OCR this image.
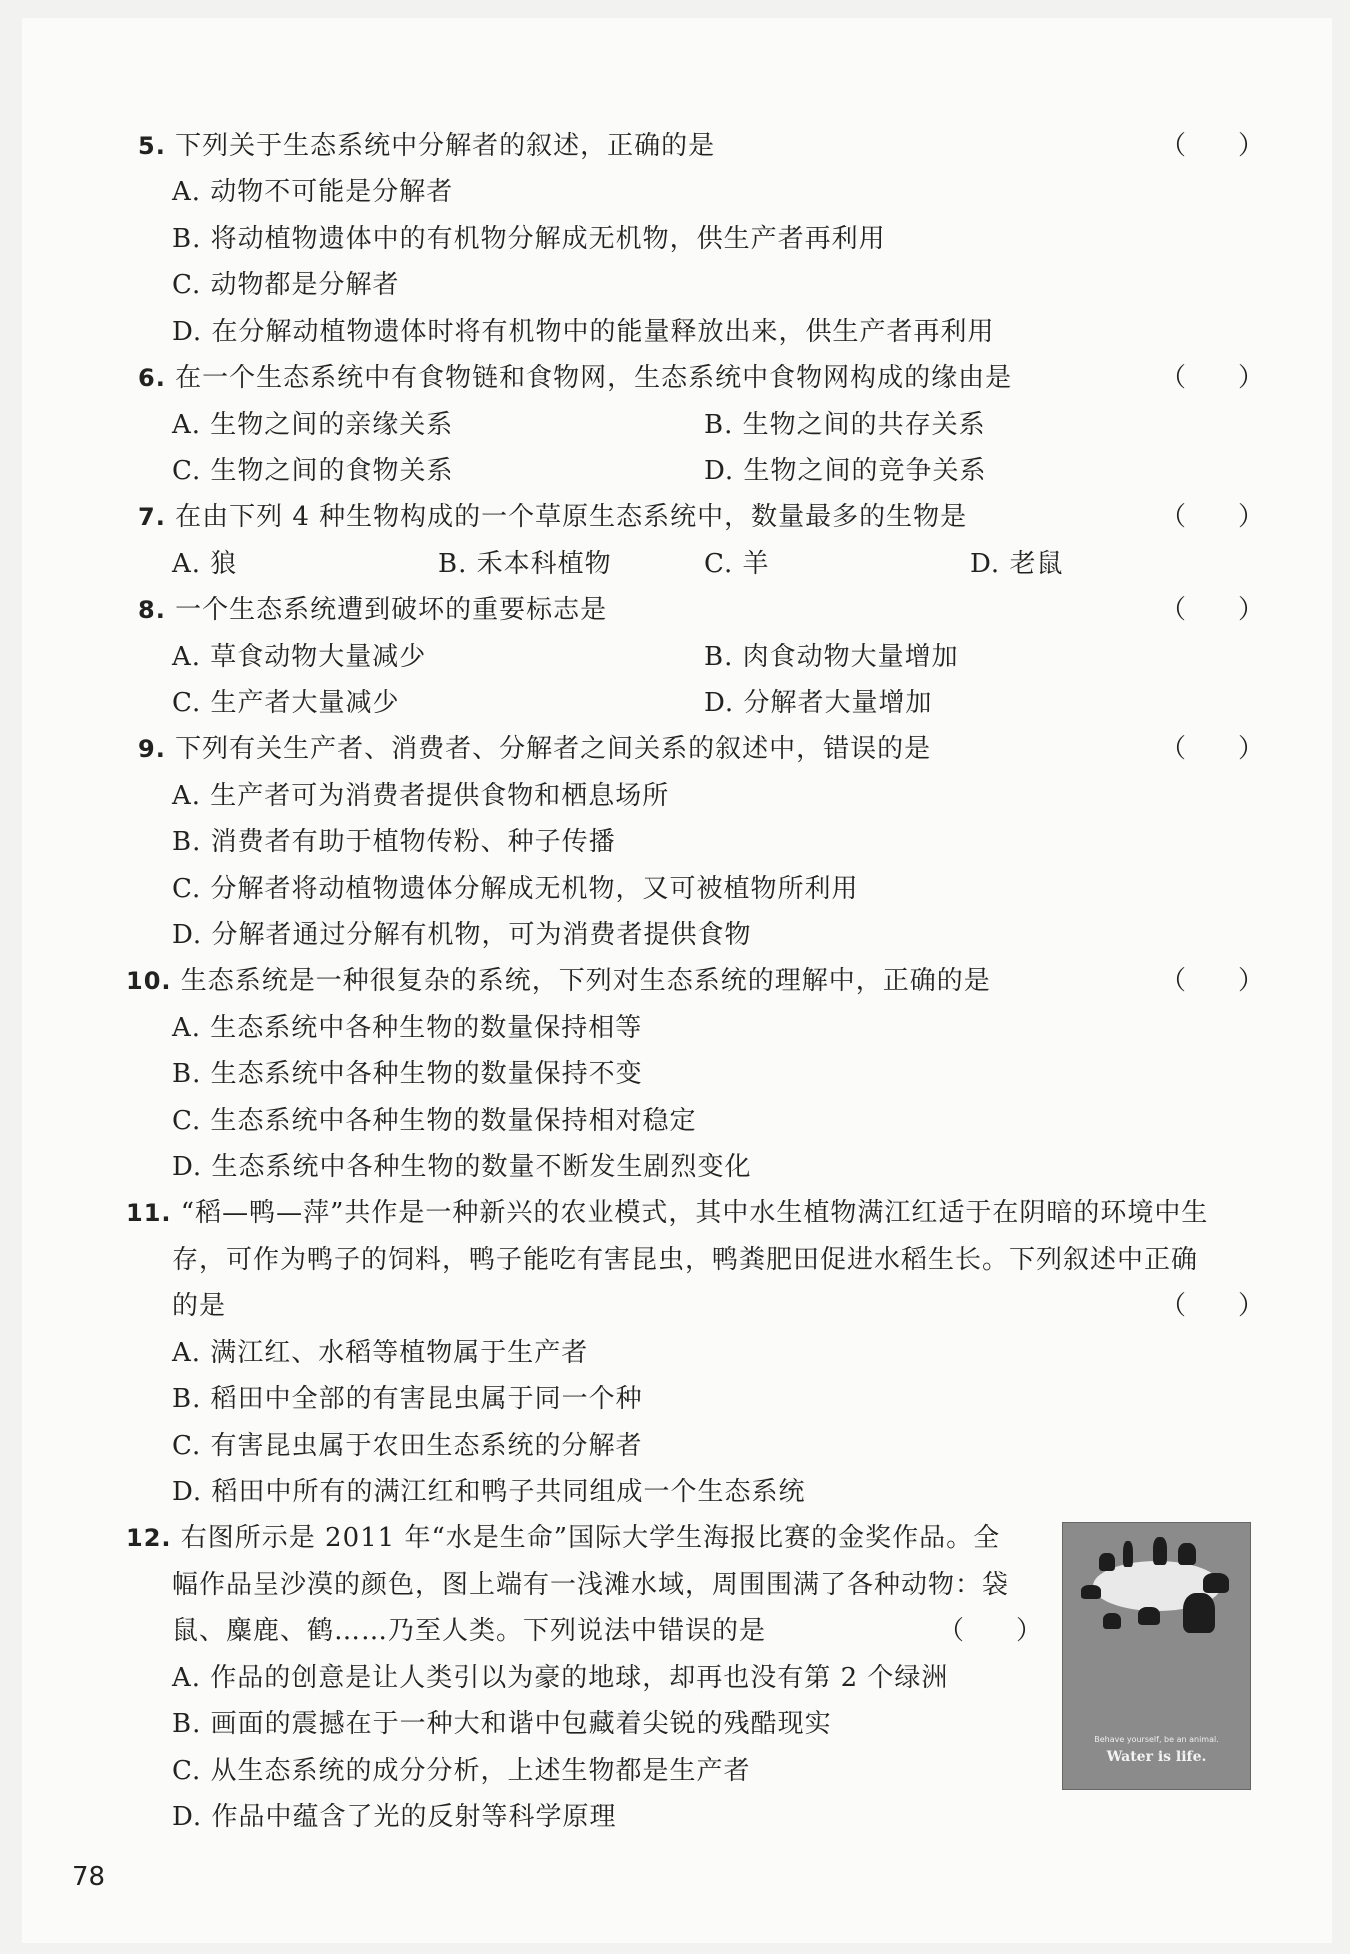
5. 下列关于生态系统中分解者的叙述，正确的是	（　　）
A. 动物不可能是分解者
B. 将动植物遗体中的有机物分解成无机物，供生产者再利用
C. 动物都是分解者
D. 在分解动植物遗体时将有机物中的能量释放出来，供生产者再利用
6. 在一个生态系统中有食物链和食物网，生态系统中食物网构成的缘由是	（　　）
A. 生物之间的亲缘关系	B. 生物之间的共存关系
C. 生物之间的食物关系	D. 生物之间的竞争关系
7. 在由下列 4 种生物构成的一个草原生态系统中，数量最多的生物是	（　　）
A. 狼	B. 禾本科植物	C. 羊	D. 老鼠
8. 一个生态系统遭到破坏的重要标志是	（　　）
A. 草食动物大量减少	B. 肉食动物大量增加
C. 生产者大量减少	D. 分解者大量增加
9. 下列有关生产者、消费者、分解者之间关系的叙述中，错误的是	（　　）
A. 生产者可为消费者提供食物和栖息场所
B. 消费者有助于植物传粉、种子传播
C. 分解者将动植物遗体分解成无机物，又可被植物所利用
D. 分解者通过分解有机物，可为消费者提供食物
10. 生态系统是一种很复杂的系统，下列对生态系统的理解中，正确的是	（　　）
A. 生态系统中各种生物的数量保持相等
B. 生态系统中各种生物的数量保持不变
C. 生态系统中各种生物的数量保持相对稳定
D. 生态系统中各种生物的数量不断发生剧烈变化
11. “稻—鸭—萍”共作是一种新兴的农业模式，其中水生植物满江红适于在阴暗的环境中生
存，可作为鸭子的饲料，鸭子能吃有害昆虫，鸭粪肥田促进水稻生长。下列叙述中正确
的是	（　　）
A. 满江红、水稻等植物属于生产者
B. 稻田中全部的有害昆虫属于同一个种
C. 有害昆虫属于农田生态系统的分解者
D. 稻田中所有的满江红和鸭子共同组成一个生态系统
12. 右图所示是 2011 年“水是生命”国际大学生海报比赛的金奖作品。全
幅作品呈沙漠的颜色，图上端有一浅滩水域，周围围满了各种动物：袋
鼠、麋鹿、鹤……乃至人类。下列说法中错误的是	（　　）
A. 作品的创意是让人类引以为豪的地球，却再也没有第 2 个绿洲
B. 画面的震撼在于一种大和谐中包藏着尖锐的残酷现实
C. 从生态系统的成分分析，上述生物都是生产者
D. 作品中蕴含了光的反射等科学原理
Behave yourself, be an animal.
Water is life.
78
